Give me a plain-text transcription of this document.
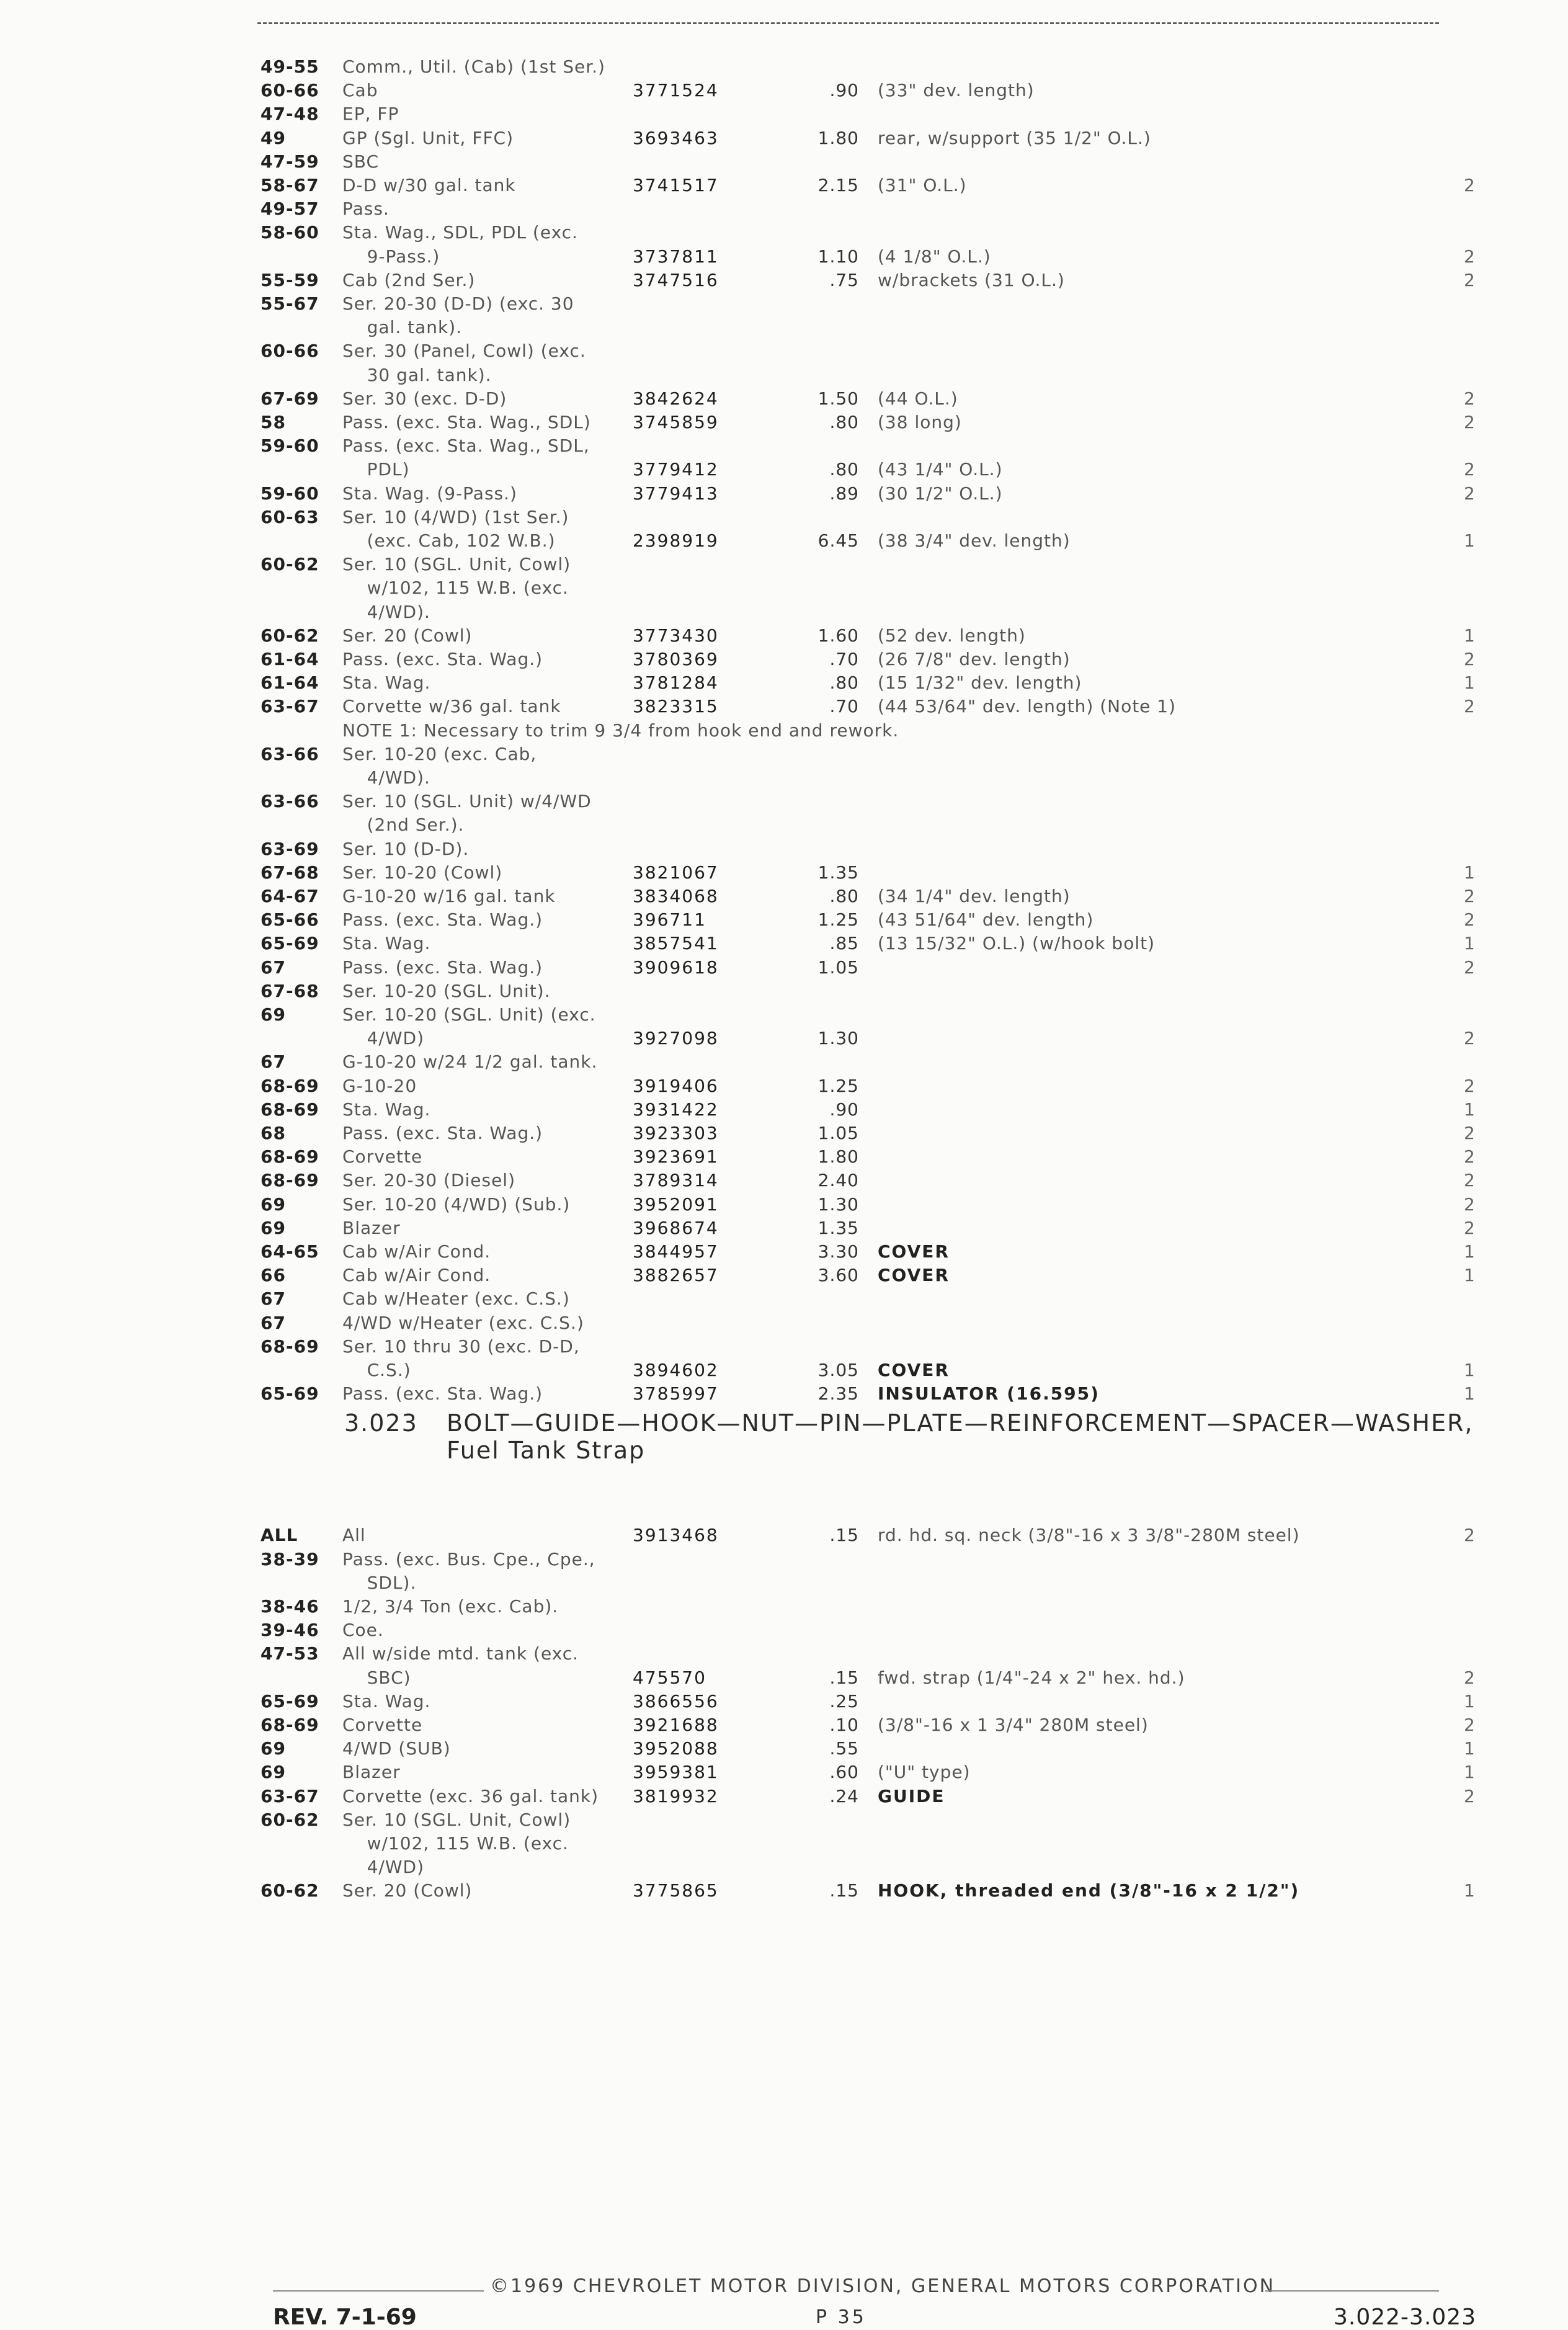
49-55 Comm., Util. (Cab) (1st Ser.)
60-66 Cab	3771524	.90 (33" dev. length)
47-48 EP, FP
49	GP (Sgl. Unit, FFC)	3693463	1.80 rear, w/support (35 1/2" O.L.)
47-59 SBC
58-67 D-D w/30 gal. tank	3741517	2.15 (31" O.L.)	2
49-57 Pass.
58-60 Sta. Wag., SDL, PDL (exc.
9-Pass.)	3737811	1.10 (4 1/8" O.L.)	2
55-59 Cab (2nd Ser.)	3747516	.75 w/brackets (31 O.L.)	2
55-67 Ser. 20-30 (D-D) (exc. 30
gal. tank).
60-66 Ser. 30 (Panel, Cowl) (exc.
30 gal. tank).
67-69 Ser. 30 (exc. D-D)	3842624	1.50 (44 O.L.)	2
58	Pass. (exc. Sta. Wag., SDL) 3745859	.80 (38 long)	2
59-60 Pass. (exc. Sta. Wag., SDL,
PDL)	3779412	.80 (43 1/4" O.L.)	2
59-60 Sta. Wag. (9-Pass.)	3779413	.89 (30 1/2" O.L.)	2
60-63 Ser. 10 (4/WD) (1st Ser.)
(exc. Cab, 102 W.B.)	2398919	6.45 (38 3/4" dev. length)	1
60-62 Ser. 10 (SGL. Unit, Cowl)
w/102, 115 W.B. (exc.
4/WD).
60-62 Ser. 20 (Cowl)	3773430	1.60 (52 dev. length)	1
61-64 Pass. (exc. Sta. Wag.)	3780369	.70 (26 7/8" dev. length)	2
61-64 Sta. Wag.	3781284	.80 (15 1/32" dev. length)	1
63-67 Corvette w/36 gal. tank	3823315	.70 (44 53/64" dev. length) (Note 1)	2
NOTE 1: Necessary to trim 9 3/4 from hook end and rework.
63-66 Ser. 10-20 (exc. Cab,
4/WD).
63-66 Ser. 10 (SGL. Unit) w/4/WD
(2nd Ser.).
63-69 Ser. 10 (D-D).
67-68 Ser. 10-20 (Cowl)	3821067	1.35	1
64-67 G-10-20 w/16 gal. tank	3834068	.80 (34 1/4" dev. length)	2
65-66 Pass. (exc. Sta. Wag.)	396711	1.25 (43 51/64" dev. length)	2
65-69 Sta. Wag.	3857541	.85 (13 15/32" O.L.) (w/hook bolt)	1
67	Pass. (exc. Sta. Wag.)	3909618	1.05	2
67-68 Ser. 10-20 (SGL. Unit).
69	Ser. 10-20 (SGL. Unit) (exc.
4/WD)	3927098	1.30	2
67	G-10-20 w/24 1/2 gal. tank.
68-69 G-10-20	3919406	1.25	2
68-69 Sta. Wag.	3931422	.90	1
68	Pass. (exc. Sta. Wag.)	3923303	1.05	2
68-69 Corvette	3923691	1.80	2
68-69 Ser. 20-30 (Diesel)	3789314	2.40	2
69	Ser. 10-20 (4/WD) (Sub.)	3952091	1.30	2
69	Blazer	3968674	1.35	2
64-65 Cab w/Air Cond.	3844957	3.30 COVER	1
66	Cab w/Air Cond.	3882657	3.60 COVER	1
67	Cab w/Heater (exc. C.S.)
67	4/WD w/Heater (exc. C.S.)
68-69 Ser. 10 thru 30 (exc. D-D,
C.S.)	3894602	3.05 COVER	1
65-69 Pass. (exc. Sta. Wag.)	3785997	2.35 INSULATOR (16.595)	1
ALL	All	3913468	.15 rd. hd. sq. neck (3/8"-16 x 3 3/8"-280M steel)	2
38-39 Pass. (exc. Bus. Cpe., Cpe.,
SDL).
38-46 1/2, 3/4 Ton (exc. Cab).
39-46 Coe.
47-53 All w/side mtd. tank (exc.
SBC)	475570	.15 fwd. strap (1/4"-24 x 2" hex. hd.)	2
65-69 Sta. Wag.	3866556	.25	1
68-69 Corvette	3921688	.10 (3/8"-16 x 1 3/4" 280M steel)	2
69	4/WD (SUB)	3952088	.55	1
69	Blazer	3959381	.60 ("U" type)	1
63-67 Corvette (exc. 36 gal. tank) 3819932	.24 GUIDE	2
60-62 Ser. 10 (SGL. Unit, Cowl)
w/102, 115 W.B. (exc.
4/WD)
60-62 Ser. 20 (Cowl)	3775865	.15 HOOK, threaded end (3/8"-16 x 2 1/2")	1
3.023 BOLT—GUIDE—HOOK—NUT—PIN—PLATE—REINFORCEMENT—SPACER—WASHER, Fuel Tank Strap
©1969 CHEVROLET MOTOR DIVISION, GENERAL MOTORS CORPORATION
REV. 7-1-69	P 35	3.022-3.023
